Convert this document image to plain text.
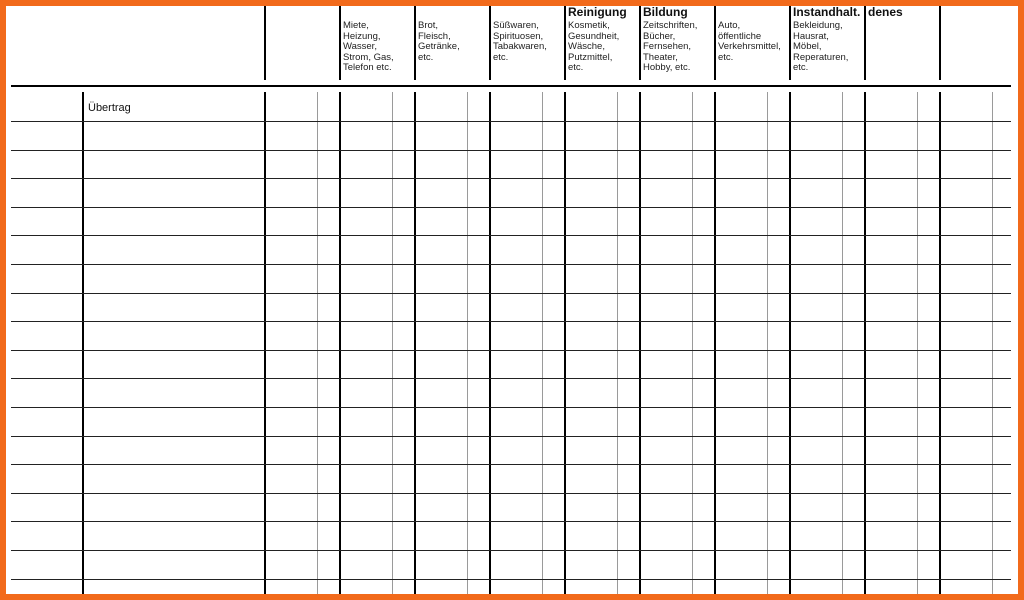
Miete,
Heizung,
Wasser,
Strom, Gas,
Telefon etc.
Brot,
Fleisch,
Getränke,
etc.
Süßwaren,
Spirituosen,
Tabakwaren,
etc.
Reinigung
Kosmetik,
Gesundheit,
Wäsche,
Putzmittel,
etc.
Bildung
Zeitschriften,
Bücher,
Fernsehen,
Theater,
Hobby, etc.
Auto,
öffentliche
Verkehrsmittel,
etc.
Instandhalt.
Bekleidung,
Hausrat,
Möbel,
Reperaturen,
etc.
denes
Übertrag
